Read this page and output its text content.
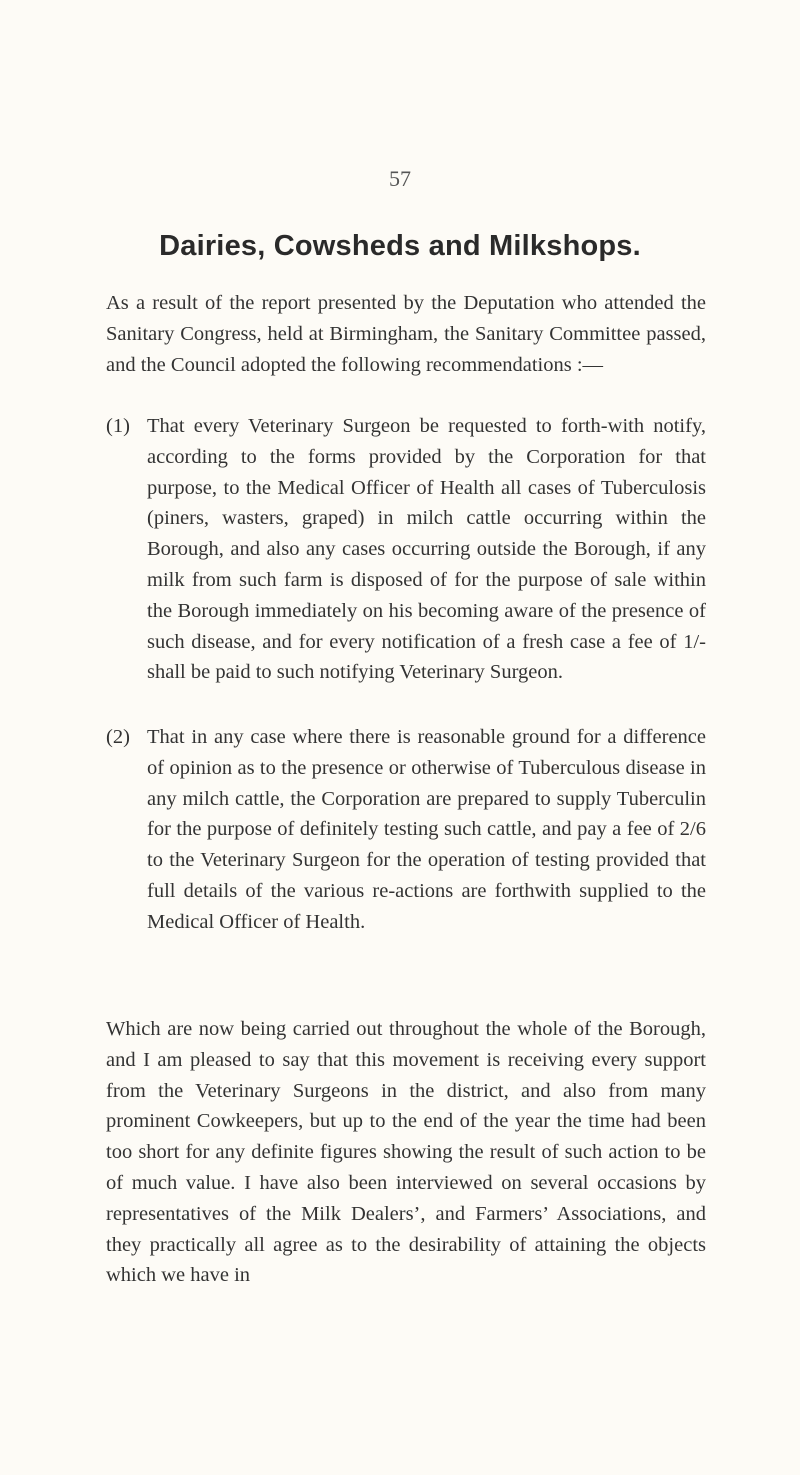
57
Dairies, Cowsheds and Milkshops.

As a result of the report presented by the Deputation who attended the Sanitary Congress, held at Birmingham, the Sanitary Committee passed, and the Council adopted the following recommendations :—

(1) That every Veterinary Surgeon be requested to forth-with notify, according to the forms provided by the Corporation for that purpose, to the Medical Officer of Health all cases of Tuberculosis (piners, wasters, graped) in milch cattle occurring within the Borough, and also any cases occurring outside the Borough, if any milk from such farm is disposed of for the purpose of sale within the Borough immediately on his becoming aware of the presence of such disease, and for every notification of a fresh case a fee of 1/- shall be paid to such notifying Veterinary Surgeon.
(2) That in any case where there is reasonable ground for a difference of opinion as to the presence or otherwise of Tuberculous disease in any milch cattle, the Corporation are prepared to supply Tuberculin for the purpose of definitely testing such cattle, and pay a fee of 2/6 to the Veterinary Surgeon for the operation of testing provided that full details of the various re-actions are forthwith supplied to the Medical Officer of Health.

Which are now being carried out throughout the whole of the Borough, and I am pleased to say that this movement is receiving every support from the Veterinary Surgeons in the district, and also from many prominent Cowkeepers, but up to the end of the year the time had been too short for any definite figures showing the result of such action to be of much value. I have also been interviewed on several occasions by representatives of the Milk Dealers’, and Farmers’ Associations, and they practically all agree as to the desirability of attaining the objects which we have in
